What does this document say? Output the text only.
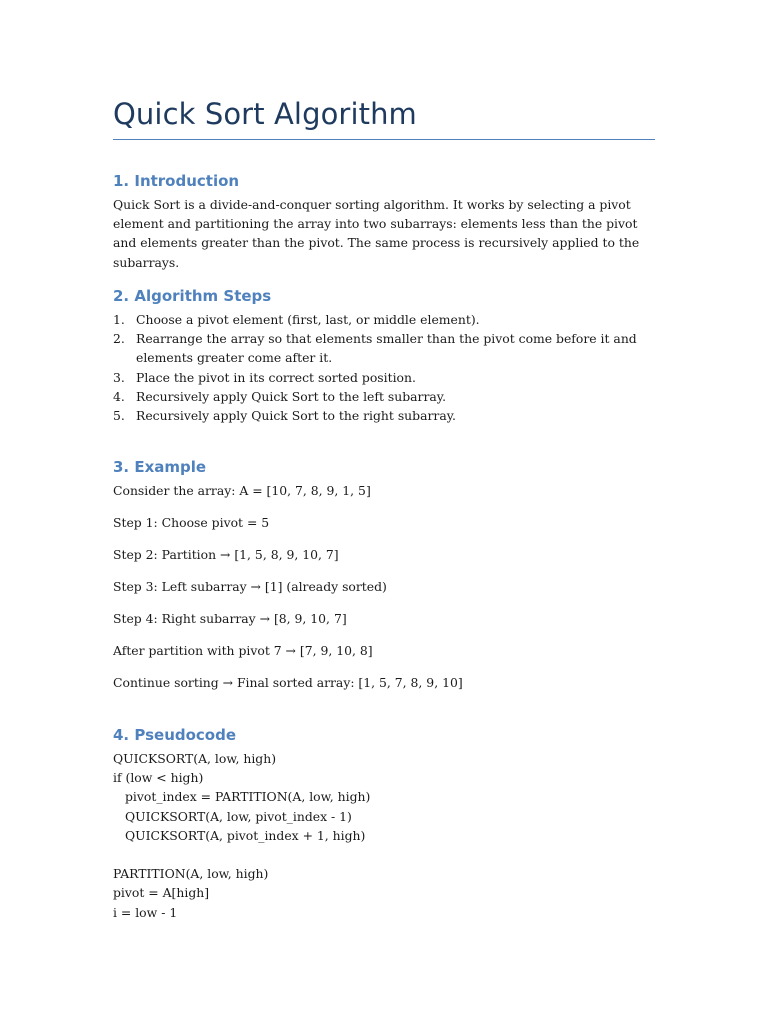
Quick Sort Algorithm
1. Introduction

Quick Sort is a divide-and-conquer sorting algorithm. It works by selecting a pivot element and partitioning the array into two subarrays: elements less than the pivot and elements greater than the pivot. The same process is recursively applied to the subarrays.

2. Algorithm Steps
1. Choose a pivot element (first, last, or middle element).
2. Rearrange the array so that elements smaller than the pivot come before it and elements greater come after it.
3. Place the pivot in its correct sorted position.
4. Recursively apply Quick Sort to the left subarray.
5. Recursively apply Quick Sort to the right subarray.
3. Example

Consider the array: A = [10, 7, 8, 9, 1, 5]

Step 1: Choose pivot = 5

Step 2: Partition → [1, 5, 8, 9, 10, 7]

Step 3: Left subarray → [1] (already sorted)

Step 4: Right subarray → [8, 9, 10, 7]

After partition with pivot 7 → [7, 9, 10, 8]

Continue sorting → Final sorted array: [1, 5, 7, 8, 9, 10]

4. Pseudocode

QUICKSORT(A, low, high)

if (low < high)

pivot_index = PARTITION(A, low, high)

QUICKSORT(A, low, pivot_index - 1)

QUICKSORT(A, pivot_index + 1, high)

PARTITION(A, low, high)

pivot = A[high]

i = low - 1
